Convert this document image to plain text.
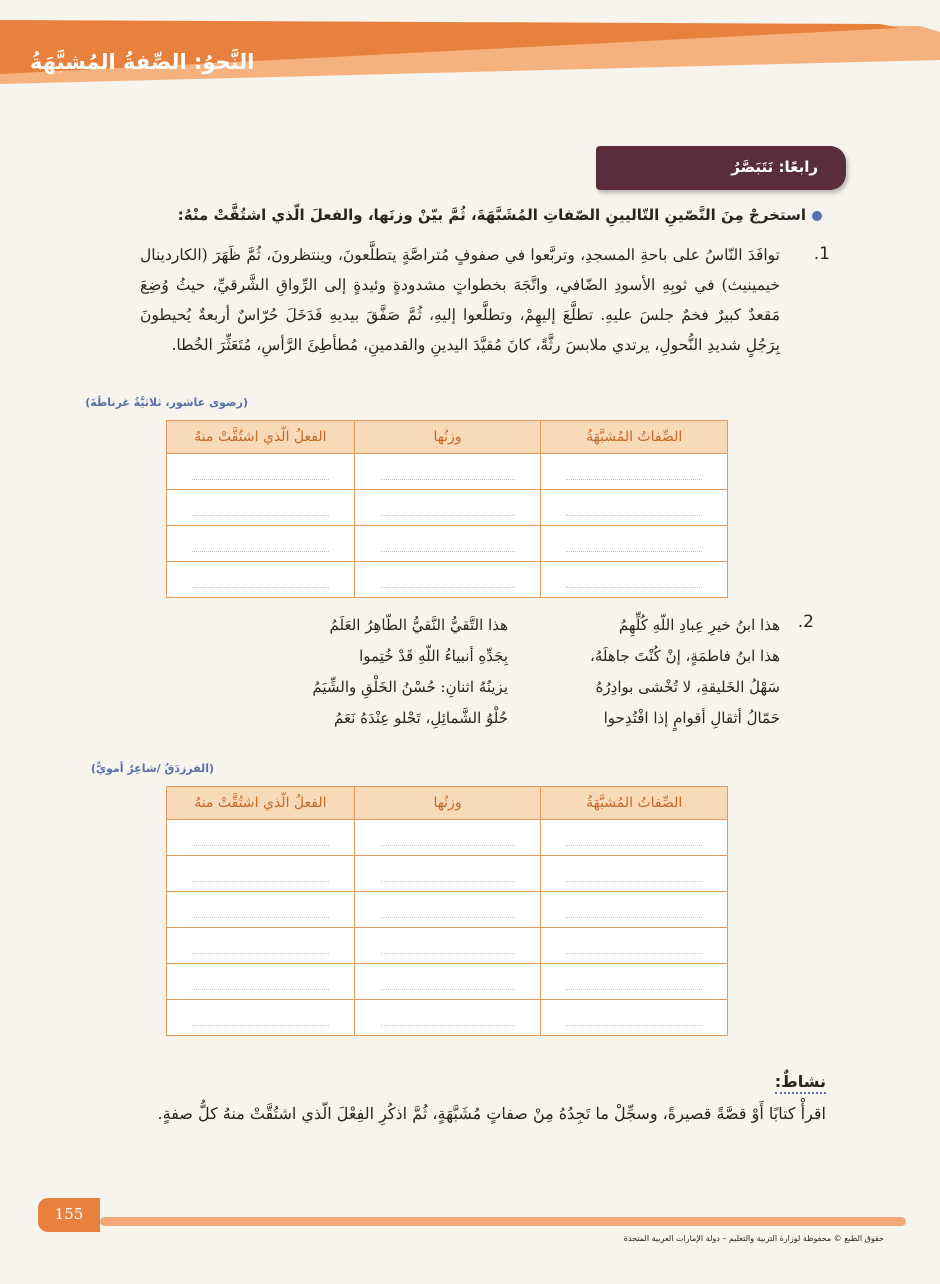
النَّحوُ: الصِّفةُ المُشبَّهَةُ
رابعًا: نَتَبَصَّرُ
استخرجْ مِنَ النَّصّينِ التّاليينِ الصّفاتِ المُشَبَّهَةَ، ثُمَّ بيّنْ وزنَها، والفعلَ الّذي اشتُقَّتْ منْهُ:
.1
توافَدَ النّاسُ على باحةِ المسجدِ، وتربَّعوا في صفوفٍ مُتراصَّةٍ يتطلَّعونَ، وينتظرونَ، ثُمَّ ظَهَرَ (الكاردينال خيمينيث) في ثوبِهِ الأسودِ الضّافي، واتَّجَهَ بخطواتٍ مشدودةٍ وئيدةٍ إلى الرِّواقِ الشَّرقيِّ، حيثُ وُضِعَ مَقعدٌ كبيرٌ فخمٌ جلسَ عليهِ. تطلَّعَ إليهِمْ، وتطلَّعوا إليهِ، ثُمَّ صَفَّقَ بيديهِ فَدَخَلَ حُرّاسٌ أربعةٌ يُحيطونَ بِرَجُلٍ شديدِ النُّحولِ، يرتدي ملابسَ رثَّةً، كانَ مُقيَّدَ اليدينِ والقدمينِ، مُطأطِئَ الرَّأسِ، مُتَعَثِّرَ الخُطا.
(رضوى عاشور، ثلاثيَّةُ غرناطَةَ)
الصِّفاتُ المُشبَّهَةُ	وزنُها	الفعلُ الّذي اشتُقَّتْ منهُ

.2
هذا ابنُ خيرِ عِبادِ اللّهِ كُلِّهِمُ
هذا ابنُ فاطمَةٍ، إنْ كُنْتَ جاهلَهُ،
سَهْلُ الخَليقةِ، لا تُخْشى بوادِرُهُ
حَمّالُ أثقالِ أقوامٍ إذا افْتُدِحوا
هذا التَّقيُّ النَّقيُّ الطّاهِرُ العَلَمُ
بِجَدِّهِ أنبياءُ اللّهِ قَدْ خُتِموا
يزينُهُ اثنانِ: حُسْنُ الخَلْقِ والشِّيَمُ
حُلْوُ الشَّمائِلِ، تَحْلو عِنْدَهُ نَعَمُ
(الفرزدَقُ /شاعِرٌ أمويٌّ)
الصِّفاتُ المُشبَّهَةُ	وزنُها	الفعلُ الّذي اشتُقَّتْ منهُ

نشاطٌ:
اقرأْ كتابًا أَوْ قصَّةً قصيرةً، وسجِّلْ ما تَجِدُهُ مِنْ صفاتٍ مُشَبَّهَةٍ، ثُمَّ اذكُرِ الفِعْلَ الّذي اشتُقَّتْ منهُ كلُّ صفةٍ.
155
حقوق الطبع © محفوظة لوزارة التربية والتعليم – دولة الإمارات العربية المتحدة
